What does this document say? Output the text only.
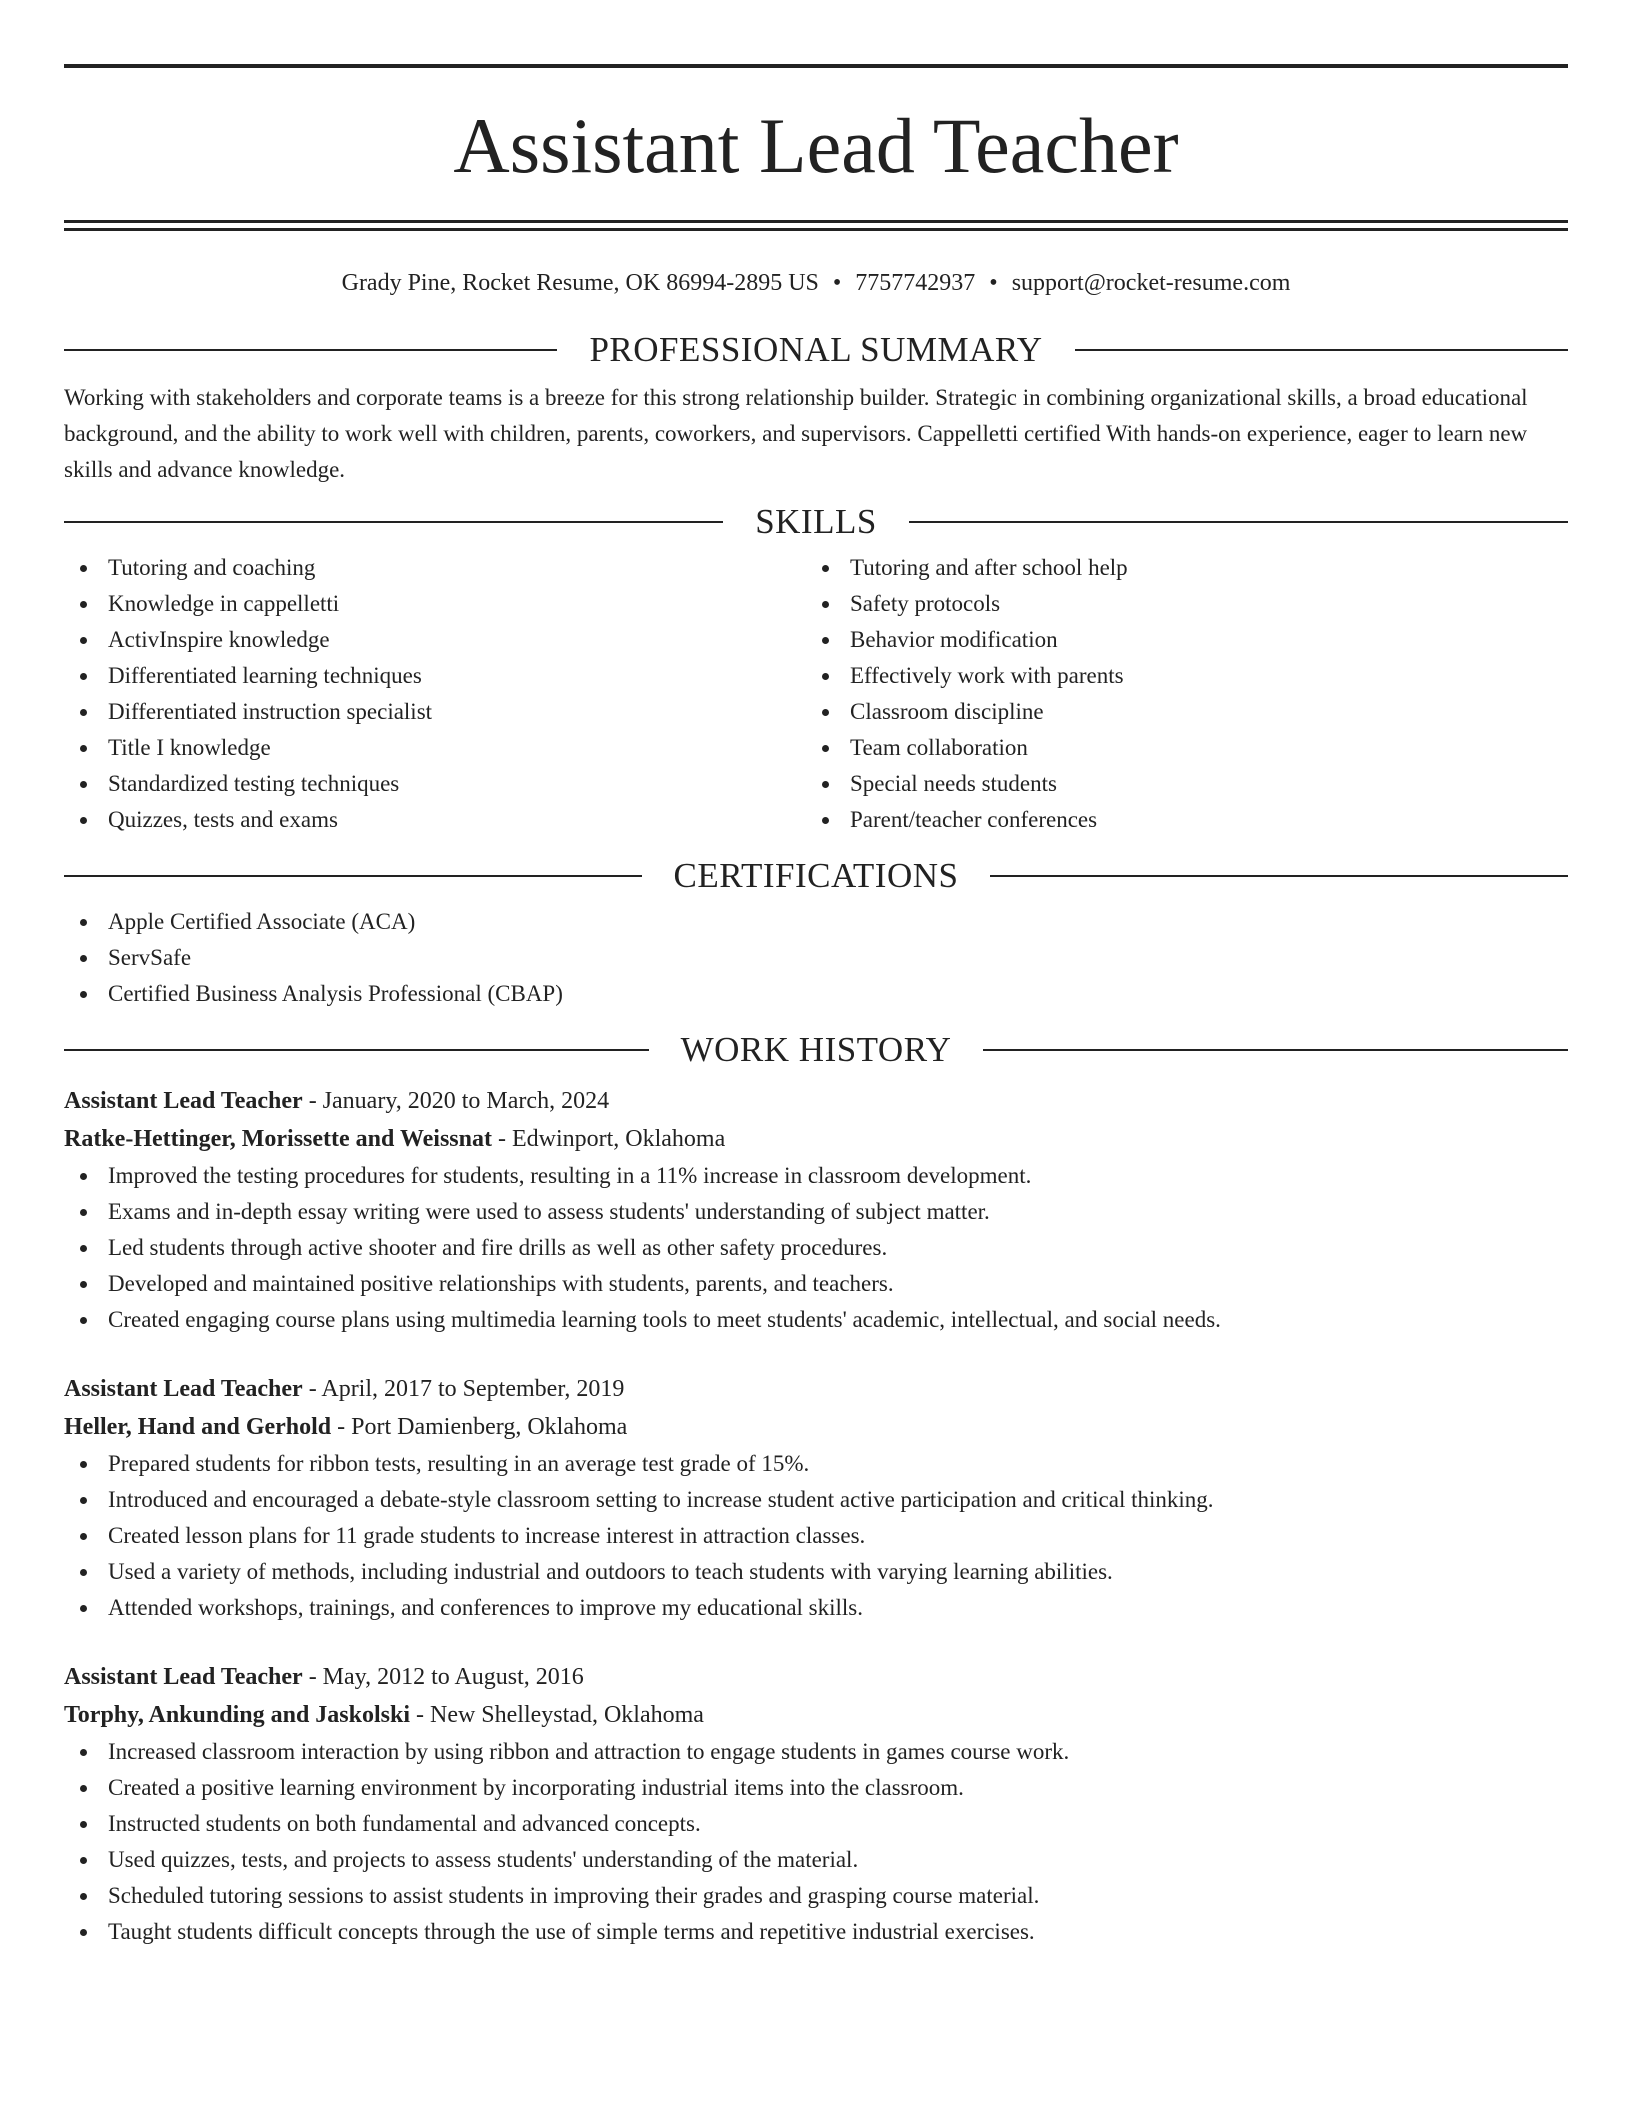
Assistant Lead Teacher
Grady Pine, Rocket Resume, OK 86994-2895 US • 7757742937 • support@rocket-resume.com
PROFESSIONAL SUMMARY

Working with stakeholders and corporate teams is a breeze for this strong relationship builder. Strategic in combining organizational skills, a broad educational background, and the ability to work well with children, parents, coworkers, and supervisors. Cappelletti certified With hands-on experience, eager to learn new skills and advance knowledge.

SKILLS
Tutoring and coaching
Knowledge in cappelletti
ActivInspire knowledge
Differentiated learning techniques
Differentiated instruction specialist
Title I knowledge
Standardized testing techniques
Quizzes, tests and exams
Tutoring and after school help
Safety protocols
Behavior modification
Effectively work with parents
Classroom discipline
Team collaboration
Special needs students
Parent/teacher conferences
CERTIFICATIONS
Apple Certified Associate (ACA)
ServSafe
Certified Business Analysis Professional (CBAP)
WORK HISTORY
Assistant Lead Teacher - January, 2020 to March, 2024
Ratke-Hettinger, Morissette and Weissnat - Edwinport, Oklahoma
Improved the testing procedures for students, resulting in a 11% increase in classroom development.
Exams and in-depth essay writing were used to assess students' understanding of subject matter.
Led students through active shooter and fire drills as well as other safety procedures.
Developed and maintained positive relationships with students, parents, and teachers.
Created engaging course plans using multimedia learning tools to meet students' academic, intellectual, and social needs.
Assistant Lead Teacher - April, 2017 to September, 2019
Heller, Hand and Gerhold - Port Damienberg, Oklahoma
Prepared students for ribbon tests, resulting in an average test grade of 15%.
Introduced and encouraged a debate-style classroom setting to increase student active participation and critical thinking.
Created lesson plans for 11 grade students to increase interest in attraction classes.
Used a variety of methods, including industrial and outdoors to teach students with varying learning abilities.
Attended workshops, trainings, and conferences to improve my educational skills.
Assistant Lead Teacher - May, 2012 to August, 2016
Torphy, Ankunding and Jaskolski - New Shelleystad, Oklahoma
Increased classroom interaction by using ribbon and attraction to engage students in games course work.
Created a positive learning environment by incorporating industrial items into the classroom.
Instructed students on both fundamental and advanced concepts.
Used quizzes, tests, and projects to assess students' understanding of the material.
Scheduled tutoring sessions to assist students in improving their grades and grasping course material.
Taught students difficult concepts through the use of simple terms and repetitive industrial exercises.
